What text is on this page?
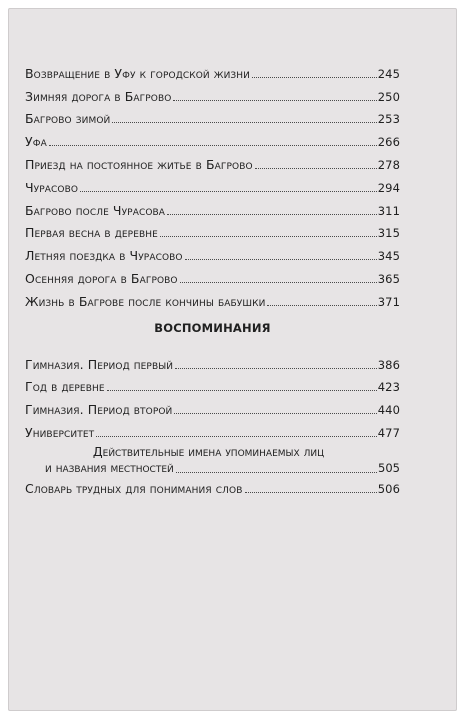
Возвращение в Уфу к городской жизни	245
Зимняя дорога в Багрово	250
Багрово зимой	253
Уфа	266
Приезд на постоянное житье в Багрово	278
Чурасово	294
Багрово после Чурасова	311
Первая весна в деревне	315
Летняя поездка в Чурасово	345
Осенняя дорога в Багрово	365
Жизнь в Багрове после кончины бабушки	371
ВОСПОМИНАНИЯ
Гимназия. Период первый	386
Год в деревне	423
Гимназия. Период второй	440
Университет	477
Действительные имена упоминаемых лиц
и названия местностей	505
Словарь трудных для понимания слов	506
